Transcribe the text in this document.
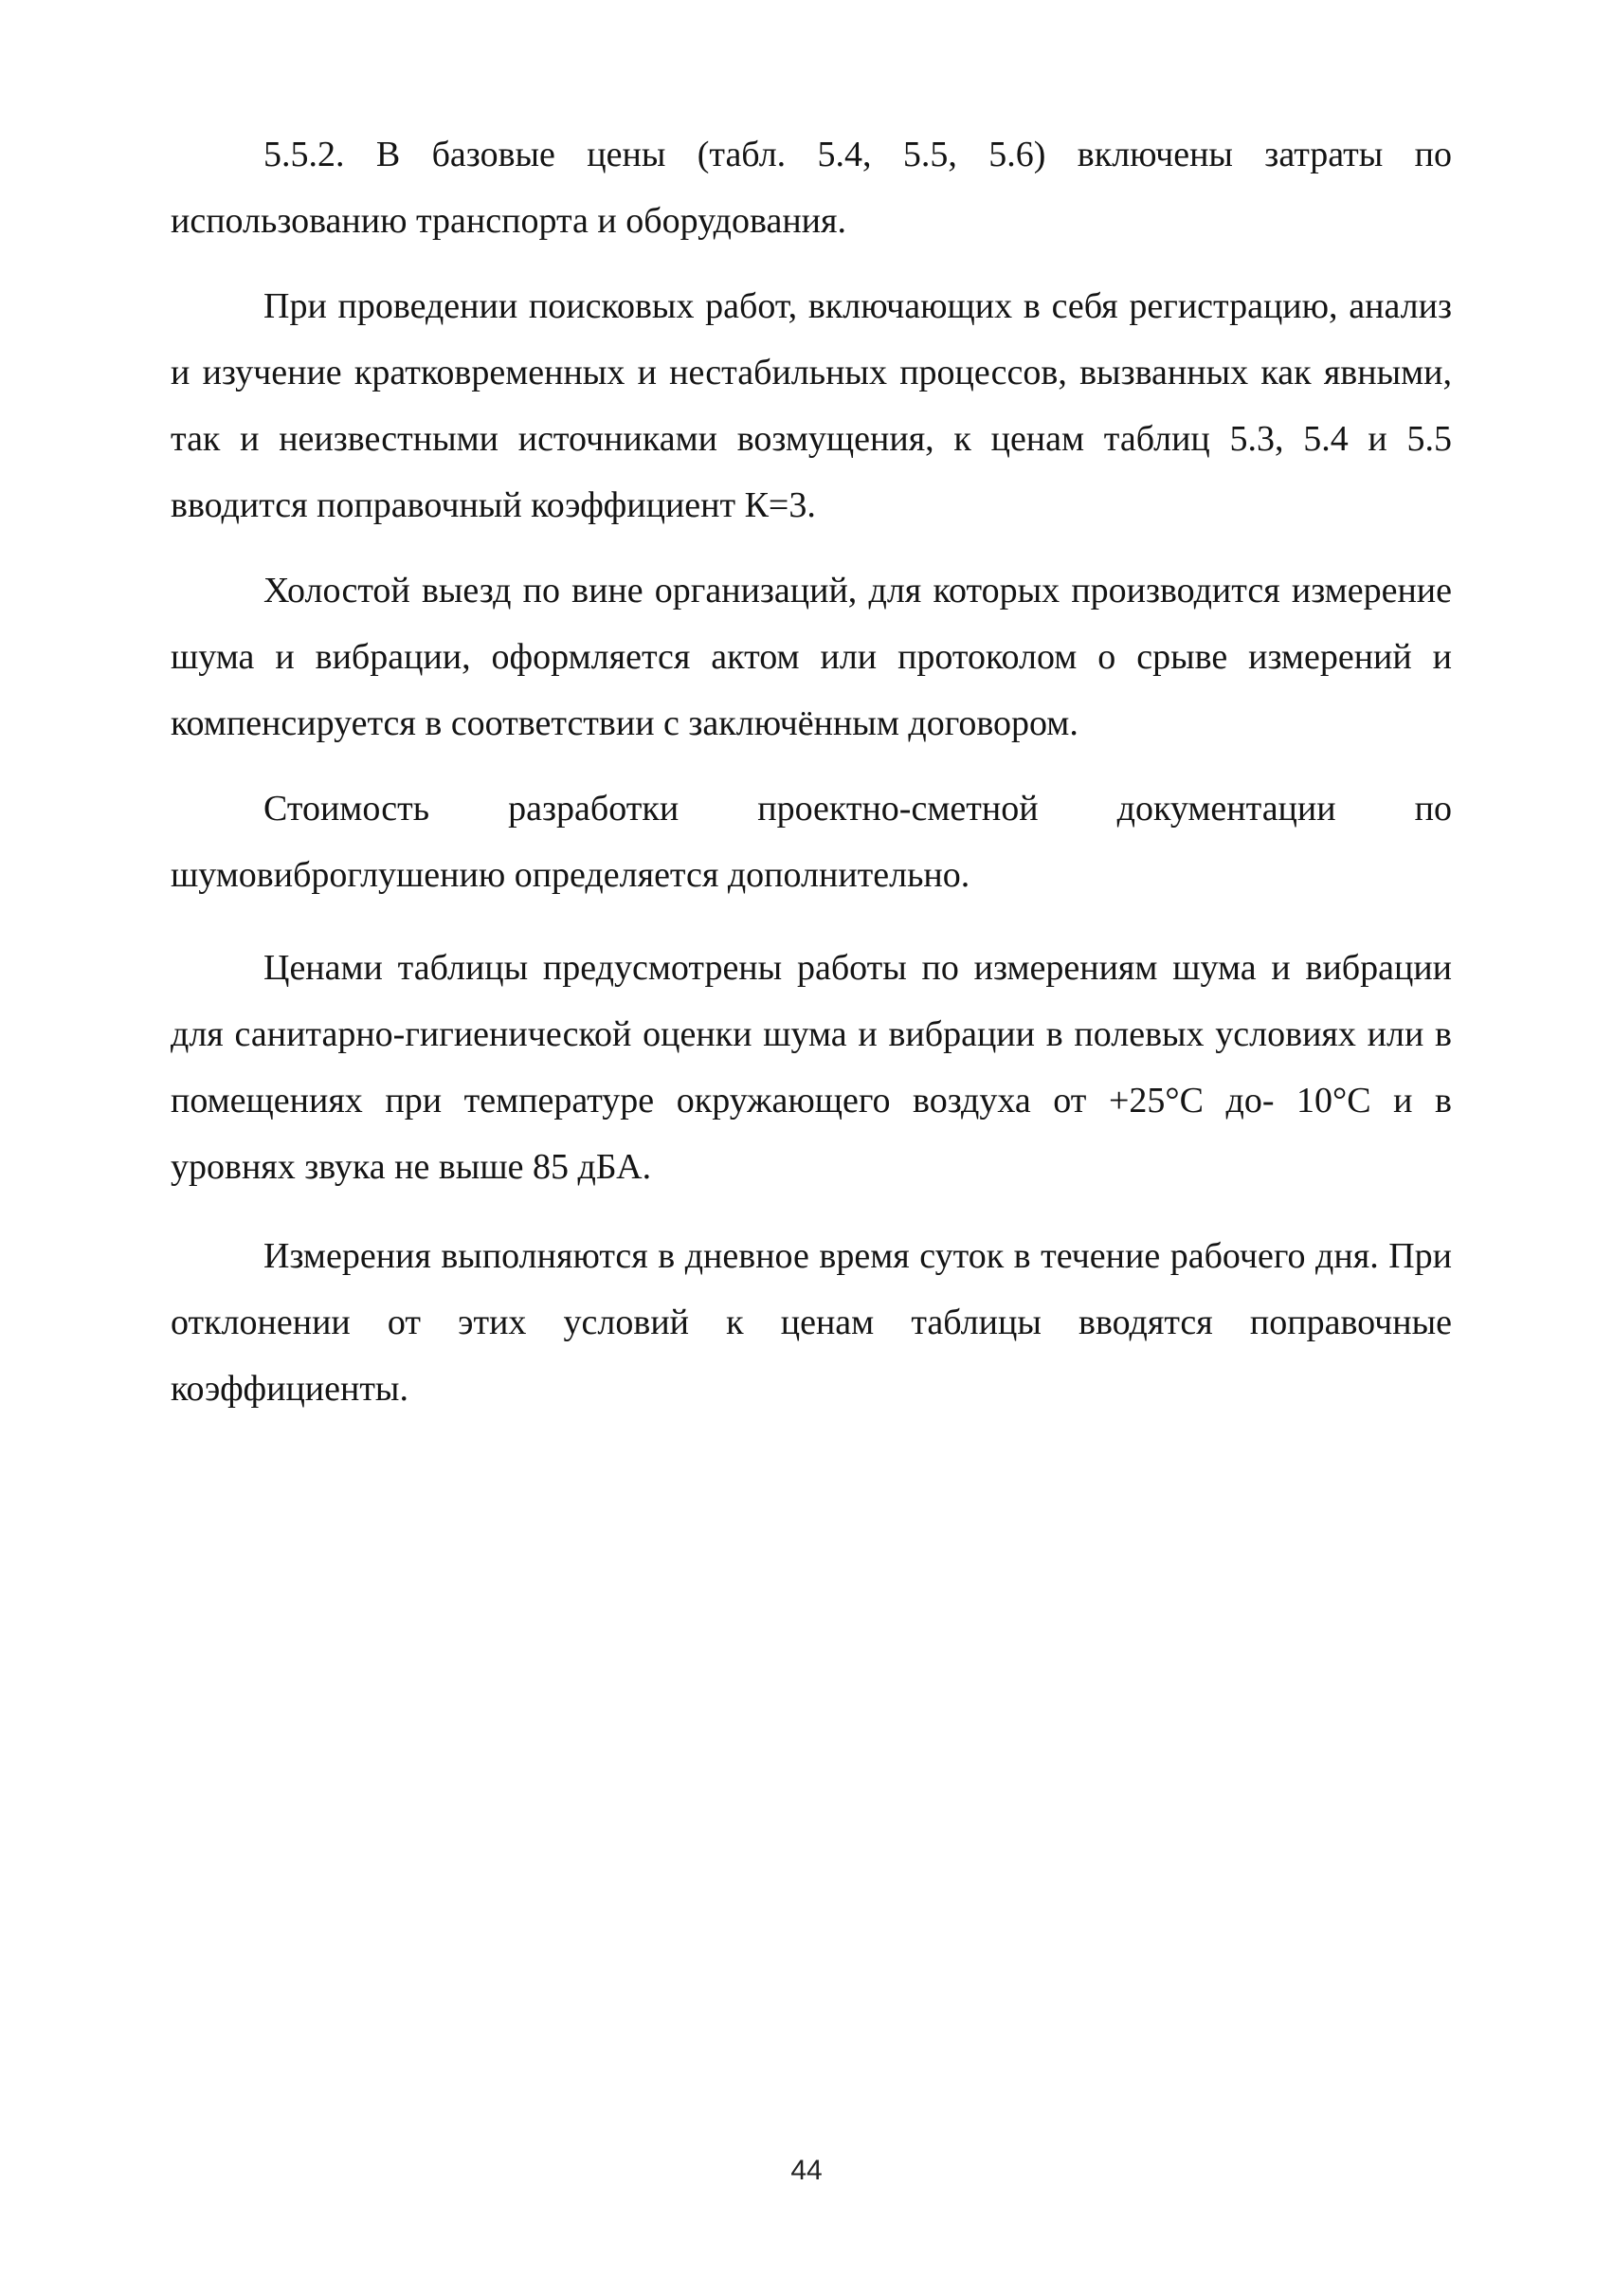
5.5.2. В базовые цены (табл. 5.4, 5.5, 5.6) включены затраты по использованию транспорта и оборудования.

При проведении поисковых работ, включающих в себя регистрацию, анализ и изучение кратковременных и нестабильных процессов, вызванных как явными, так и неизвестными источниками возмущения, к ценам таблиц 5.3, 5.4 и 5.5 вводится поправочный коэффициент К=3.

Холостой выезд по вине организаций, для которых производится измерение шума и вибрации, оформляется актом или протоколом о срыве измерений и компенсируется в соответствии с заключённым договором.

Стоимость разработки проектно-сметной документации по шумовиброглушению определяется дополнительно.

Ценами таблицы предусмотрены работы по измерениям шума и вибрации для санитарно-гигиенической оценки шума и вибрации в полевых условиях или в помещениях при температуре окружающего воздуха от +25°С до- 10°С и в уровнях звука не выше 85 дБА.

Измерения выполняются в дневное время суток в течение рабочего дня. При отклонении от этих условий к ценам таблицы вводятся поправочные коэффициенты.

44
